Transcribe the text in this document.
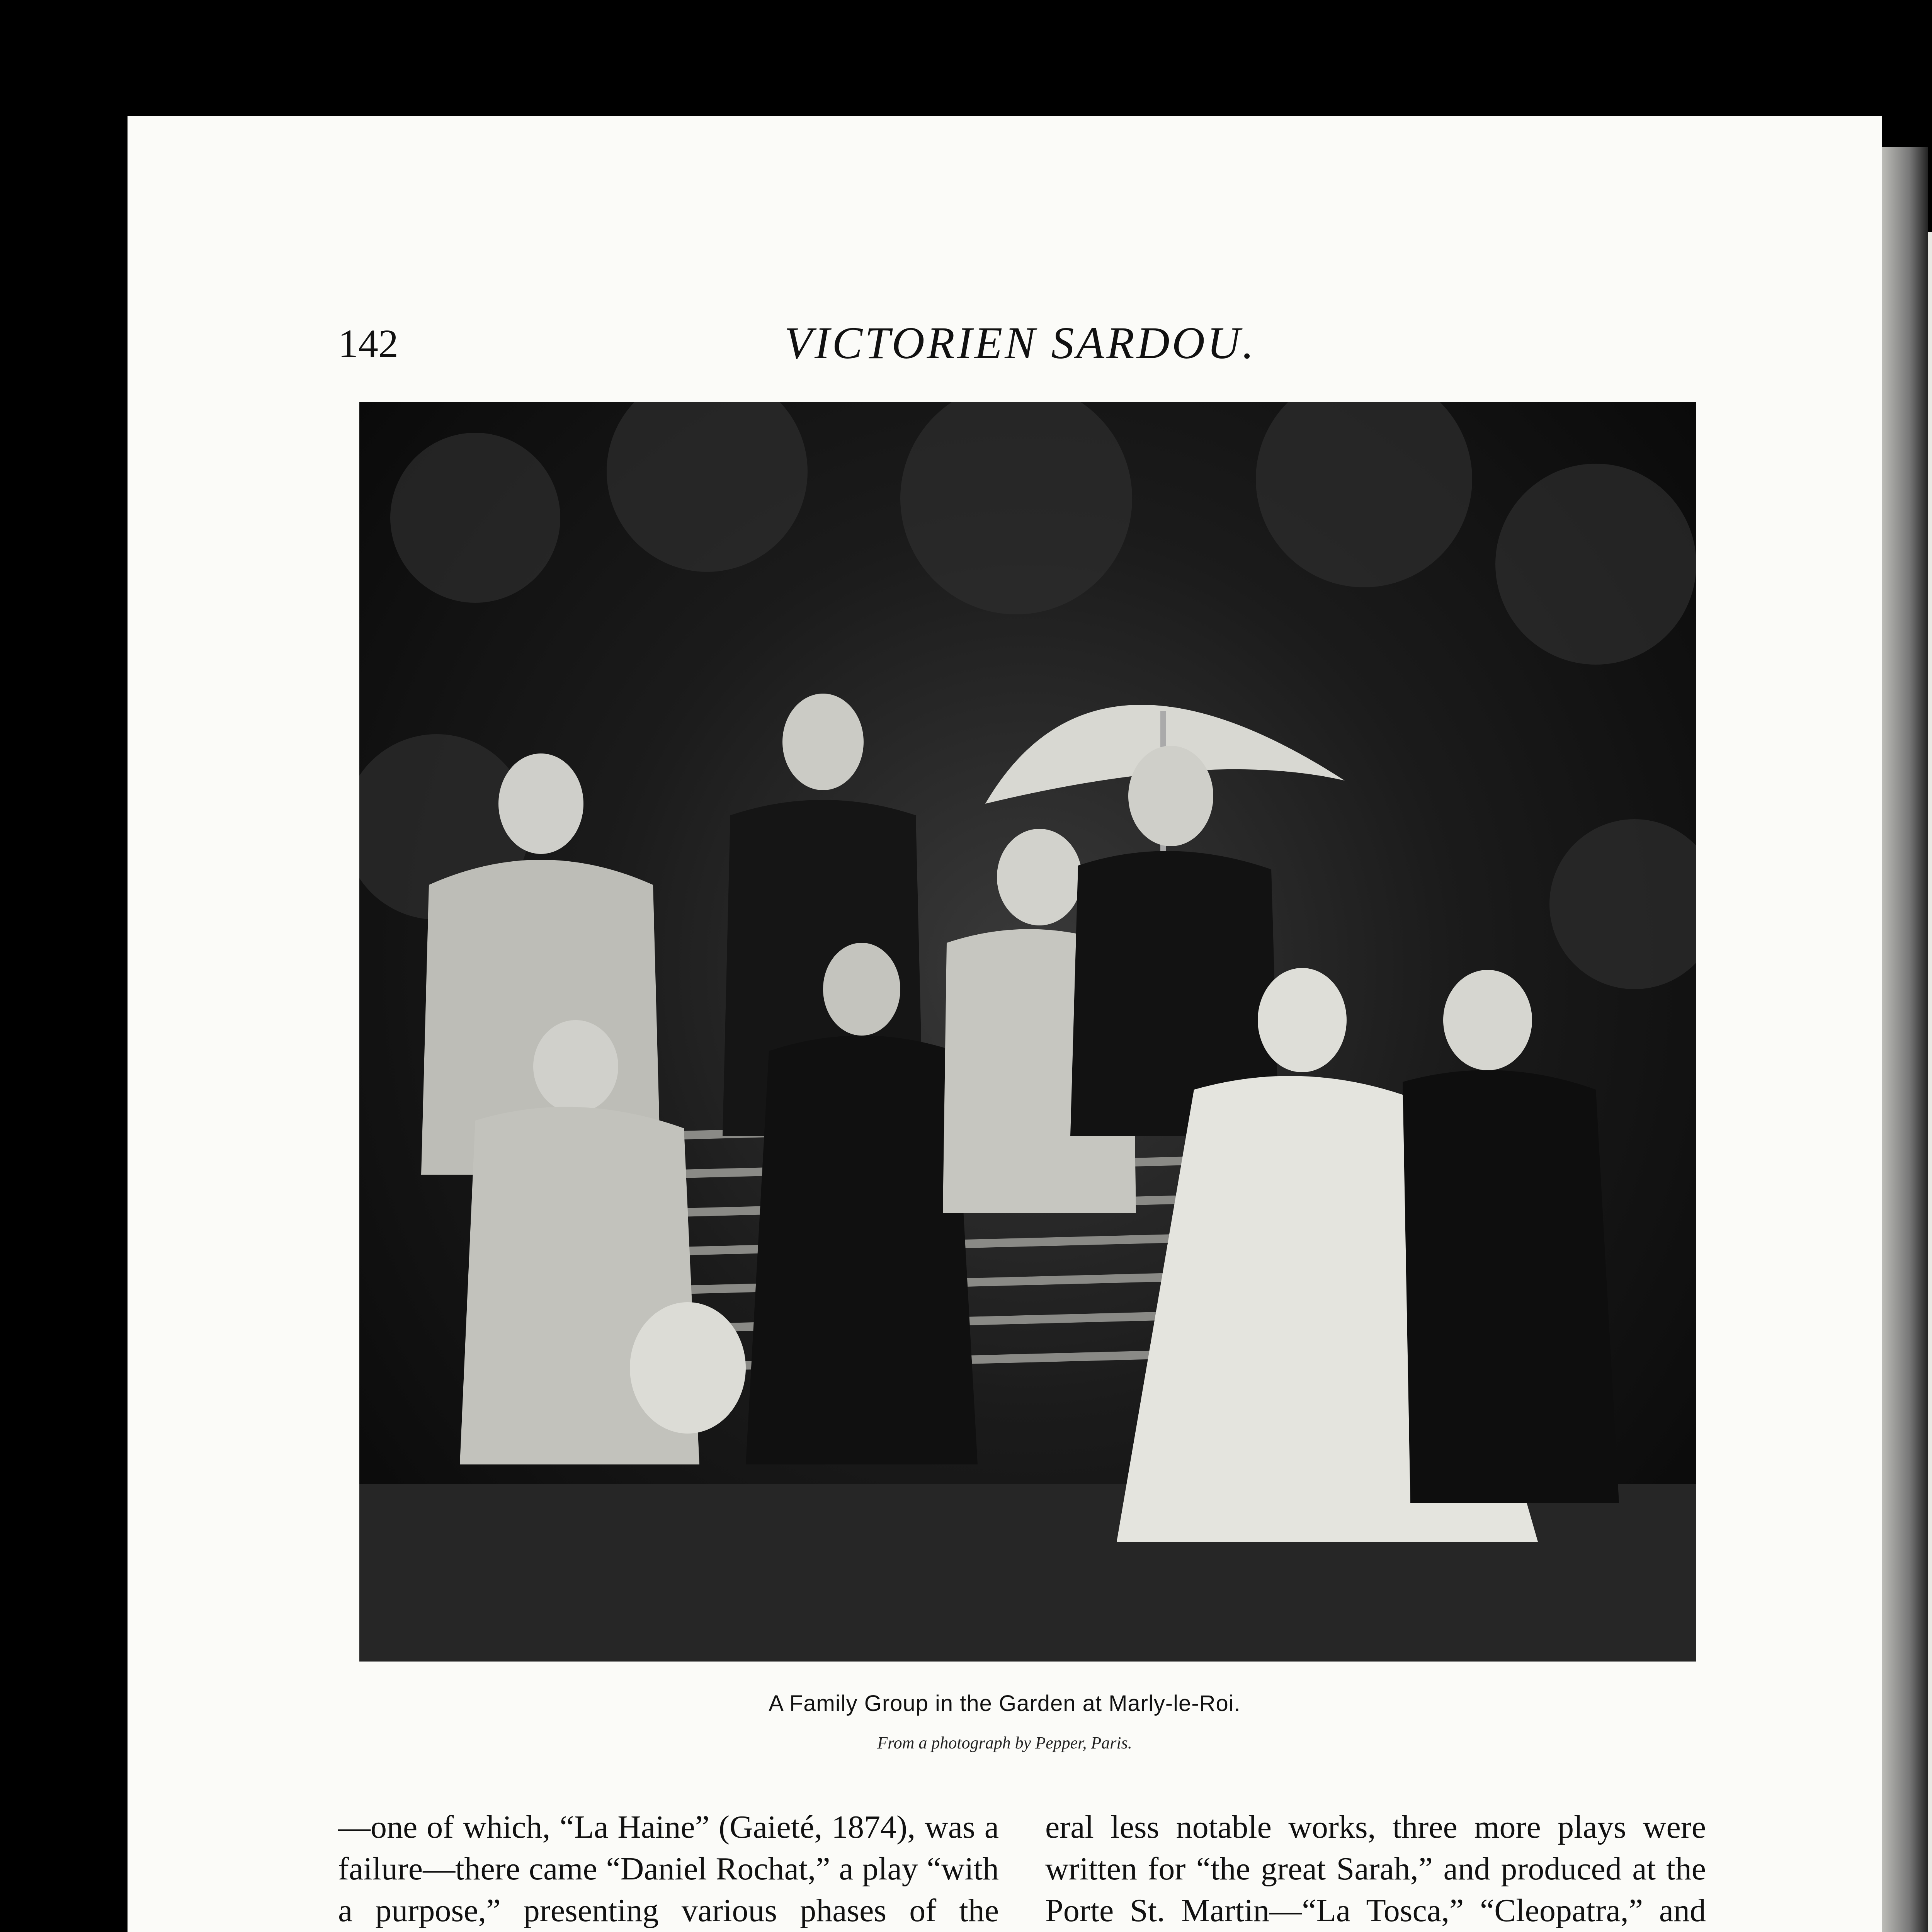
142	VICTORIEN SARDOU.
A Family Group in the Garden at Marly-le-Roi.
From a photograph by Pepper, Paris.

—one of which, “La Haine” (Gaieté, 1874), was a failure—there came “Daniel Rochat,” a play “with a purpose,” presenting various phases of the

eral less notable works, three more plays were written for “the great Sarah,” and produced at the Porte St. Martin—“La Tosca,” “Cleopatra,” and
